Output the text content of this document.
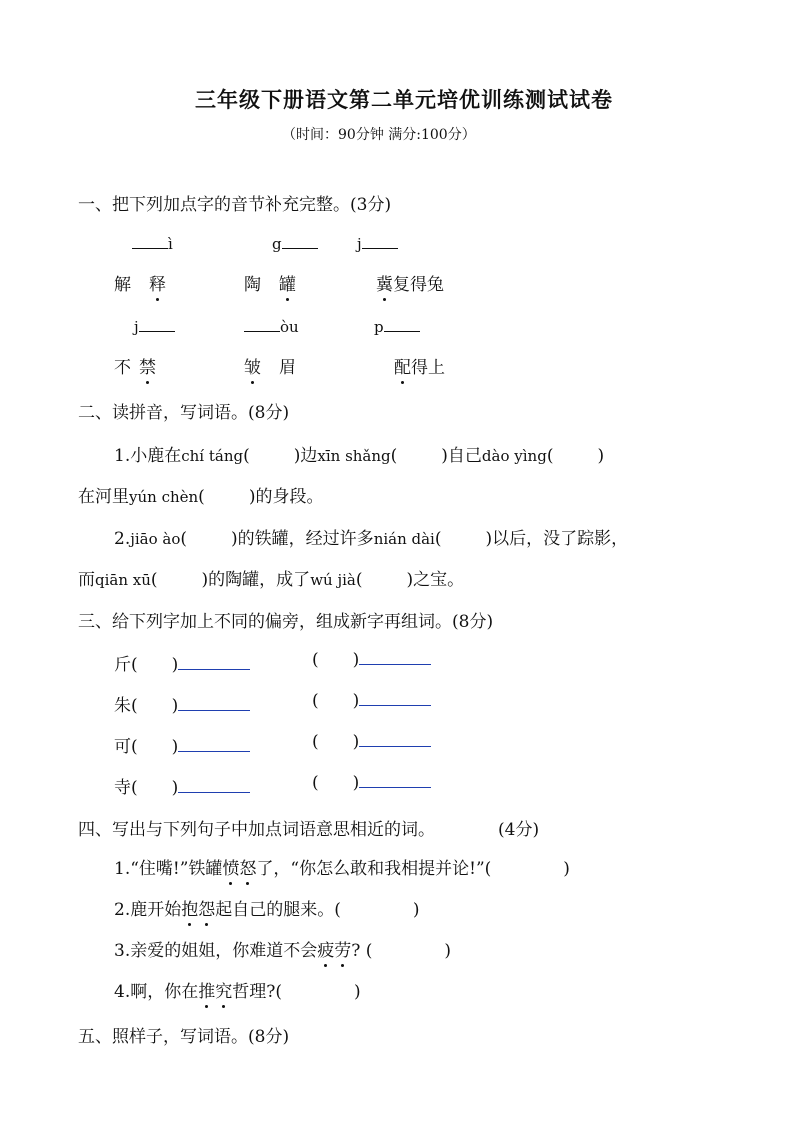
三年级下册语文第二单元培优训练测试试卷
（时间：90分钟 满分:100分）
一、把下列加点字的音节补充完整。(3分)
ì	g	j
解 释	陶 罐	冀复得兔
j	òu	p
不 禁	皱 眉	配得上
二、读拼音，写词语。(8分)
1.小鹿在chí táng(	)边xīn shǎng(	)自己dào yìng(	)
在河里yún chèn(	)的身段。
2.jiāo ào(	)的铁罐，经过许多nián dài(	)以后，没了踪影，
而qiān xū(	)的陶罐，成了wú jià(	)之宝。
三、给下列字加上不同的偏旁，组成新字再组词。(8分)
斤( )	( )
朱( )	( )
可( )	( )
寺( )	( )
四、写出与下列句子中加点词语意思相近的词。	(4分)
1.“住嘴!”铁罐愤怒了，“你怎么敢和我相提并论!”(	)
2.鹿开始抱怨起自己的腿来。(	)
3.亲爱的姐姐，你难道不会疲劳? (	)
4.啊，你在推究哲理?(	)
五、照样子，写词语。(8分)
